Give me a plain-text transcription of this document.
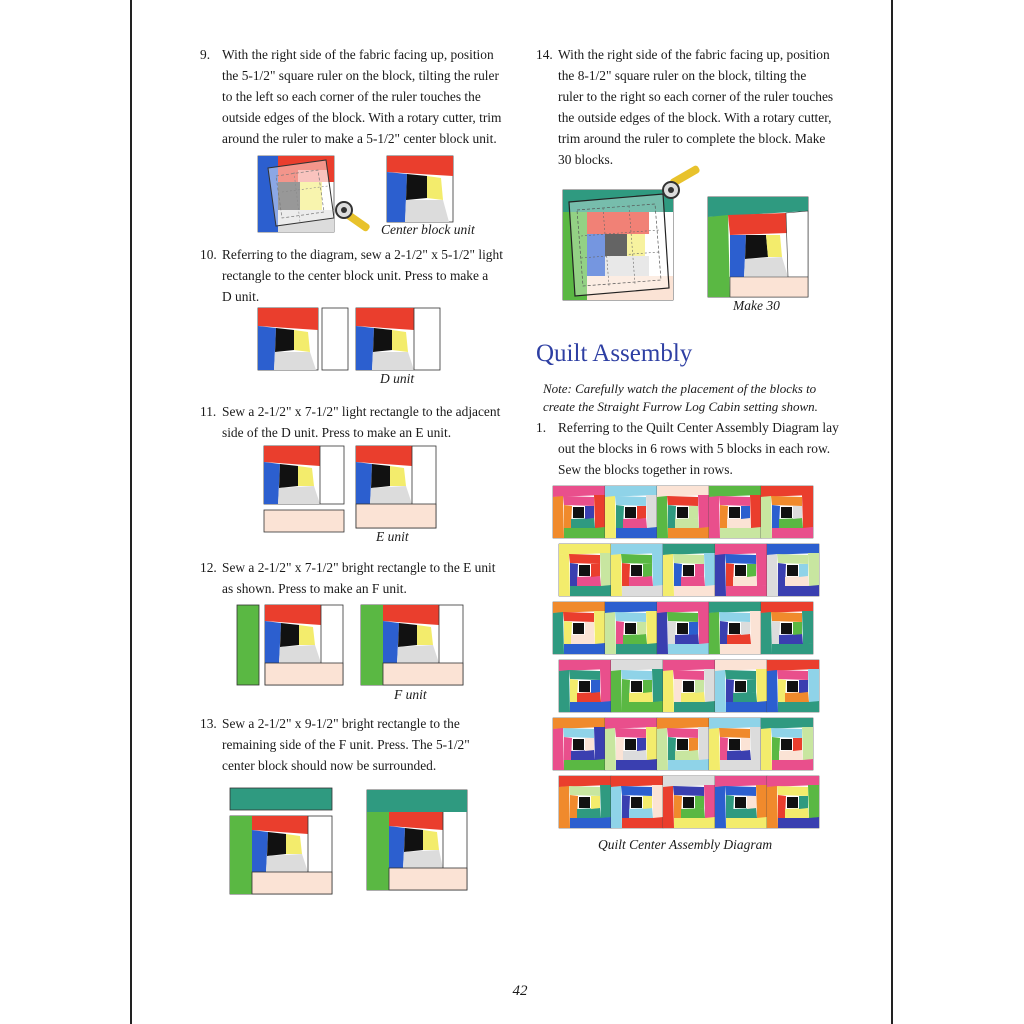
9. With the right side of the fabric facing up, position
the 5-1/2" square ruler on the block, tilting the ruler
to the left so each corner of the ruler touches the
outside edges of the block. With a rotary cutter, trim
around the ruler to make a 5-1/2" center block unit.
Center block unit
10. Referring to the diagram, sew a 2-1/2" x 5-1/2" light
rectangle to the center block unit. Press to make a
D unit.
D unit
11. Sew a 2-1/2" x 7-1/2" light rectangle to the adjacent
side of the D unit. Press to make an E unit.
E unit
12. Sew a 2-1/2" x 7-1/2" bright rectangle to the E unit
as shown. Press to make an F unit.
F unit
13. Sew a 2-1/2" x 9-1/2" bright rectangle to the
remaining side of the F unit. Press. The 5-1/2"
center block should now be surrounded.
14. With the right side of the fabric facing up, position
the 8-1/2" square ruler on the block, tilting the
ruler to the right so each corner of the ruler touches
the outside edges of the block. With a rotary cutter,
trim around the ruler to complete the block. Make
30 blocks.
Make 30
Quilt Assembly
Note: Carefully watch the placement of the blocks to
create the Straight Furrow Log Cabin setting shown.
1. Referring to the Quilt Center Assembly Diagram lay
out the blocks in 6 rows with 5 blocks in each row.
Sew the blocks together in rows.
Quilt Center Assembly Diagram
42
